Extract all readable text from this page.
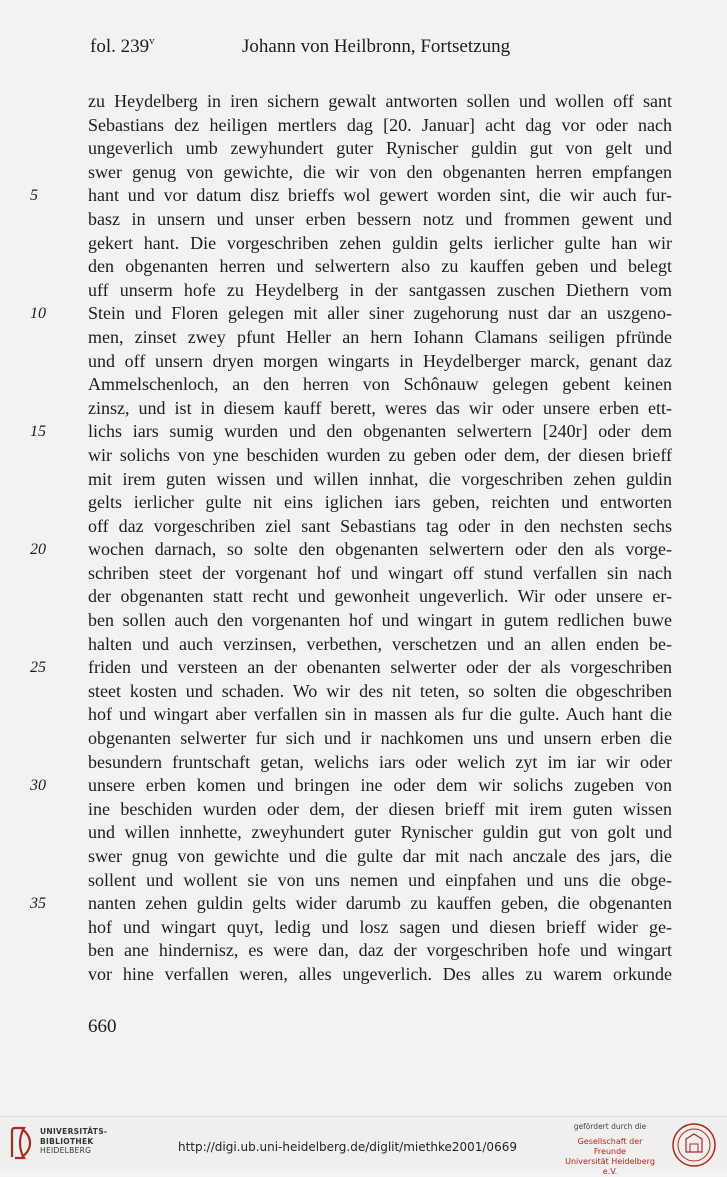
fol. 239$^v$	Johann von Heilbronn, Fortsetzung
zu Heydelberg in iren sichern gewalt antworten sollen und wollen off sant
Sebastians dez heiligen mertlers dag [20. Januar] acht dag vor oder nach
ungeverlich umb zewyhundert guter Rynischer guldin gut von gelt und
swer genug von gewichte, die wir von den obgenanten herren empfangen
5	hant und vor datum disz brieffs wol gewert worden sint, die wir auch fur-
basz in unsern und unser erben bessern notz und frommen gewent und
gekert hant. Die vorgeschriben zehen guldin gelts ierlicher gulte han wir
den obgenanten herren und selwertern also zu kauffen geben und belegt
uff unserm hofe zu Heydelberg in der santgassen zuschen Diethern vom
10	Stein und Floren gelegen mit aller siner zugehorung nust dar an uszgeno-
men, zinset zwey pfunt Heller an hern Iohann Clamans seiligen pfründe
und off unsern dryen morgen wingarts in Heydelberger marck, genant daz
Ammelschenloch, an den herren von Schônauw gelegen gebent keinen
zinsz, und ist in diesem kauff berett, weres das wir oder unsere erben ett-
15	lichs iars sumig wurden und den obgenanten selwertern [240r] oder dem
wir solichs von yne beschiden wurden zu geben oder dem, der diesen brieff
mit irem guten wissen und willen innhat, die vorgeschriben zehen guldin
gelts ierlicher gulte nit eins iglichen iars geben, reichten und entworten
off daz vorgeschriben ziel sant Sebastians tag oder in den nechsten sechs
20	wochen darnach, so solte den obgenanten selwertern oder den als vorge-
schriben steet der vorgenant hof und wingart off stund verfallen sin nach
der obgenanten statt recht und gewonheit ungeverlich. Wir oder unsere er-
ben sollen auch den vorgenanten hof und wingart in gutem redlichen buwe
halten und auch verzinsen, verbethen, verschetzen und an allen enden be-
25	friden und versteen an der obenanten selwerter oder der als vorgeschriben
steet kosten und schaden. Wo wir des nit teten, so solten die obgeschriben
hof und wingart aber verfallen sin in massen als fur die gulte. Auch hant die
obgenanten selwerter fur sich und ir nachkomen uns und unsern erben die
besundern fruntschaft getan, welichs iars oder welich zyt im iar wir oder
30	unsere erben komen und bringen ine oder dem wir solichs zugeben von
ine beschiden wurden oder dem, der diesen brieff mit irem guten wissen
und willen innhette, zweyhundert guter Rynischer guldin gut von golt und
swer gnug von gewichte und die gulte dar mit nach anczale des jars, die
sollent und wollent sie von uns nemen und einpfahen und uns die obge-
35	nanten zehen guldin gelts wider darumb zu kauffen geben, die obgenanten
hof und wingart quyt, ledig und losz sagen und diesen brieff wider ge-
ben ane hindernisz, es were dan, daz der vorgeschriben hofe und wingart
vor hine verfallen weren, alles ungeverlich. Des alles zu warem orkunde
660
UNIVERSITÄTS-
BIBLIOTHEK
HEIDELBERG	http://digi.ub.uni-heidelberg.de/diglit/miethke2001/0669
gefördert durch die
Gesellschaft der Freunde
Universität Heidelberg e.V.
